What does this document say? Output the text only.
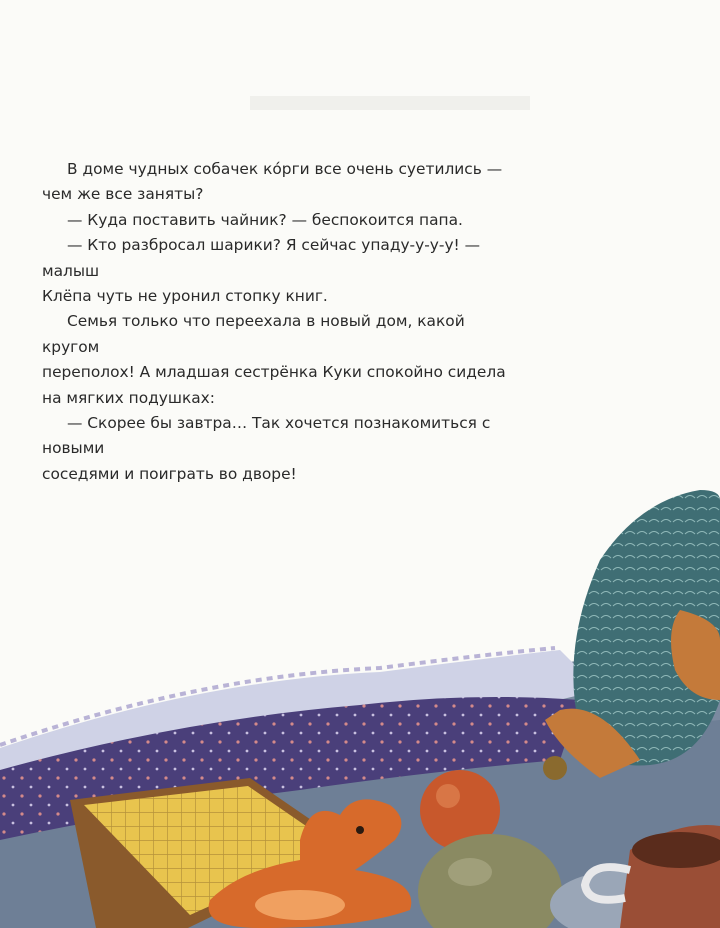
В доме чудных собачек ко́рги все очень суетились —

чем же все заняты?

— Куда поставить чайник? — беспокоится папа.

— Кто разбросал шарики? Я сейчас упаду-у-у-у! — малыш

Клёпа чуть не уронил стопку книг.

Семья только что переехала в новый дом, какой кругом

переполох! А младшая сестрёнка Куки спокойно сидела

на мягких подушках:

— Скорее бы завтра… Так хочется познакомиться с новыми

соседями и поиграть во дворе!
